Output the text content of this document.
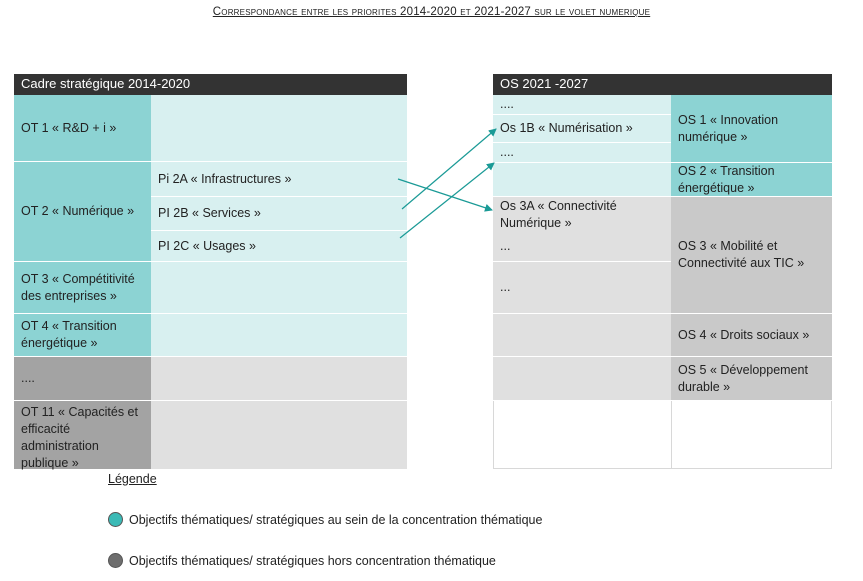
Correspondance entre les priorites 2014-2020 et 2021-2027 sur le volet numerique
Cadre stratégique 2014-2020
OT 1 « R&D + i »
OT 2 « Numérique »
Pi 2A « Infrastructures »
PI 2B « Services »
PI 2C « Usages »
OT 3 « Compétitivité des entreprises »
OT 4 « Transition énergétique »
....
OT 11 « Capacités et efficacité administration publique »
OS 2021 -2027
....
Os 1B « Numérisation »
....
Os 3A « Connectivité Numérique »
...
...
OS 1 « Innovation numérique »
OS 2 « Transition énergétique »
OS 3 « Mobilité et Connectivité aux TIC »
OS 4 « Droits sociaux »
OS 5 « Développement durable »
Légende
Objectifs thématiques/ stratégiques au sein de la concentration thématique
Objectifs thématiques/ stratégiques hors concentration thématique
